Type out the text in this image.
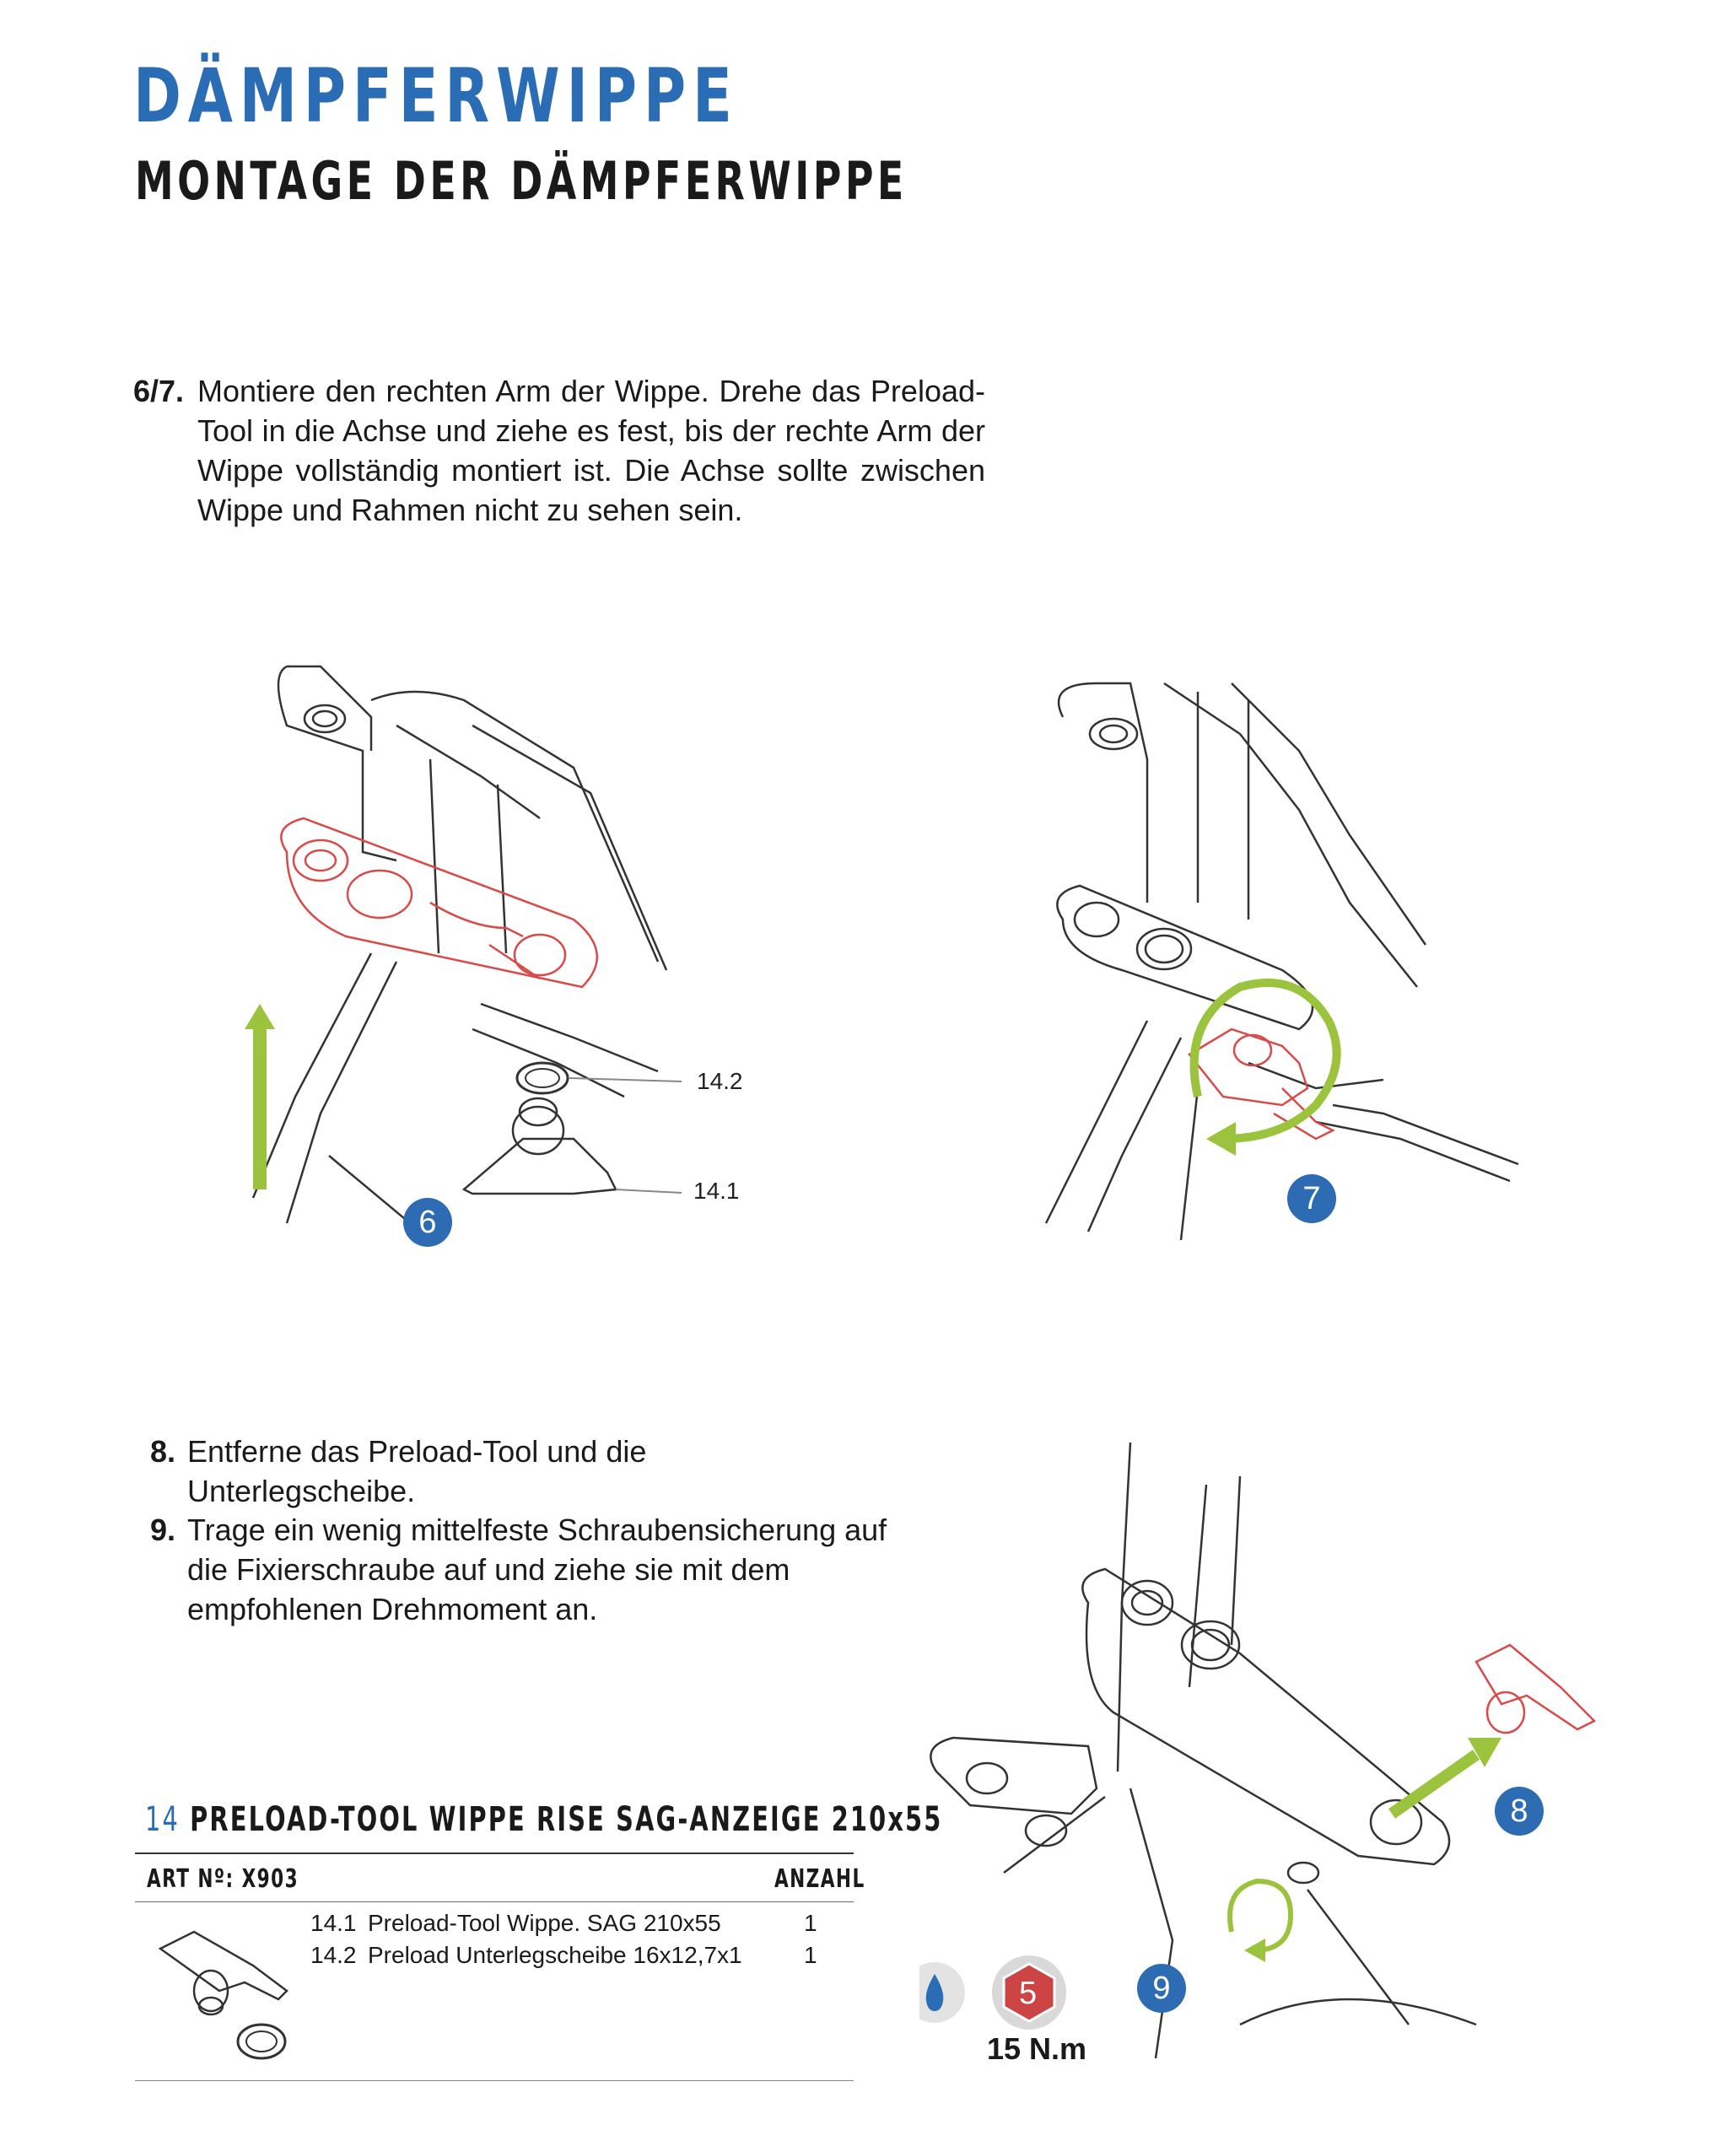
DÄMPFERWIPPE
MONTAGE DER DÄMPFERWIPPE
6/7. Montiere den rechten Arm der Wippe. Drehe das Preload-Tool in die Achse und ziehe es fest, bis der rechte Arm der Wippe vollständig montiert ist. Die Achse sollte zwischen Wippe und Rahmen nicht zu sehen sein.
14.2
14.1
6
7
8. Entferne das Preload-Tool und die Unterlegscheibe.
9. Trage ein wenig mittelfeste Schraubensicherung auf die Fixierschraube auf und ziehe sie mit dem empfohlenen Drehmoment an.
5
8
9
15 N.m
14 PRELOAD-TOOL WIPPE RISE SAG-ANZEIGE 210x55
ART Nº: X903	ANZAHL
14.1 Preload-Tool Wippe. SAG 210x55	1
14.2 Preload Unterlegscheibe 16x12,7x1	1
